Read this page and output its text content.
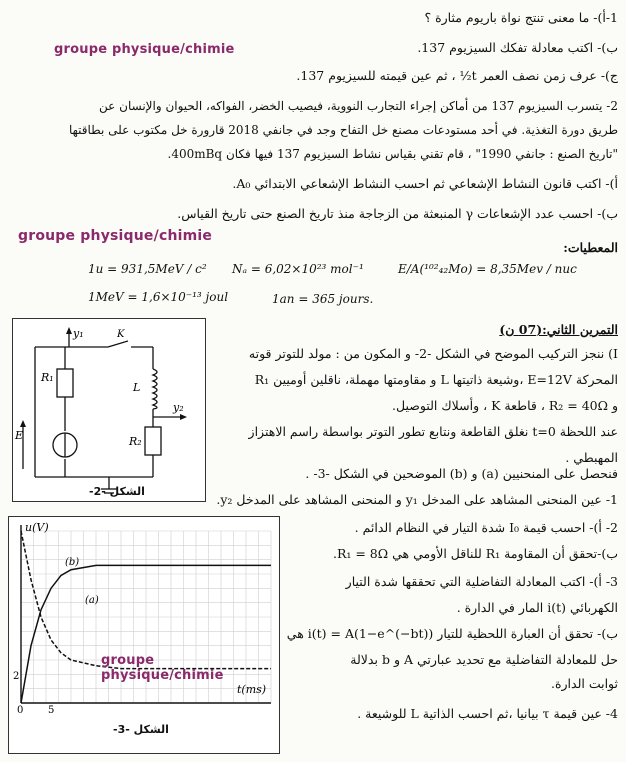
1-أ)- ما معنى تنتج نواة باريوم مثارة ؟
groupe physique/chimie	ب)- اكتب معادلة تفكك السيزيوم 137.
ج)- عرف زمن نصف العمر t½ ، ثم عين قيمته للسيزيوم 137.
2- يتسرب السيزيوم 137 من أماكن إجراء التجارب النووية، فيصيب الخضر، الفواكه، الحيوان والإنسان عن
طريق دورة التغذية. في أحد مستودعات مصنع خل التفاح وجد في جانفي 2018 قارورة خل مكتوب على بطاقتها
"تاريخ الصنع : جانفي 1990" ، قام تقني بقياس نشاط السيزيوم 137 فيها فكان 400mBq.
أ)- اكتب قانون النشاط الإشعاعي ثم احسب النشاط الإشعاعي الابتدائي A₀.
ب)- احسب عدد الإشعاعات γ المنبعثة من الزجاجة منذ تاريخ الصنع حتى تاريخ القياس.
groupe physique/chimie
المعطيات:
1u = 931,5MeV / c² Nₐ = 6,02×10²³ mol⁻¹	E/A(¹⁰²₄₂Mo) = 8,35Mev / nuc
1MeV = 1,6×10⁻¹³ joul	1an = 365 jours.
y₁
R₁
L
R₂
y₂
E
K
الشكل -2-
التمرين الثاني:(07 ن)
I) ننجز التركيب الموضح في الشكل -2- و المكون من : مولد للتوتر قوته
المحركة E=12V ،وشيعة ذاتيتها L و مقاومتها مهملة، ناقلين أوميين R₁
و R₂ = 40Ω ، قاطعة K ، وأسلاك التوصيل.
عند اللحظة t=0 نغلق القاطعة ونتابع تطور التوتر بواسطة راسم الاهتزاز
المهبطي .
فنحصل على المنحنيين (a) و (b) الموضحين في الشكل -3- .
1- عين المنحنى المشاهد على المدخل y₁ و المنحنى المشاهد على المدخل y₂.
2- أ)- احسب قيمة I₀ شدة التيار في النظام الدائم .
ب)-تحقق أن المقاومة R₁ للناقل الأومي هي R₁ = 8Ω.
3- أ)- اكتب المعادلة التفاضلية التي تحققها شدة التيار
الكهربائي i(t) المار في الدارة .
ب)- تحقق أن العبارة اللحظية للتيار i(t) = A(1−e^(−bt)) هي
حل للمعادلة التفاضلية مع تحديد عبارتي A و b بدلالة
ثوابت الدارة.
4- عين قيمة τ بيانيا ،ثم احسب الذاتية L للوشيعة .
u(V)
t(ms)
(b)
(a)
2
0 5
groupe physique/chimie
الشكل -3-
